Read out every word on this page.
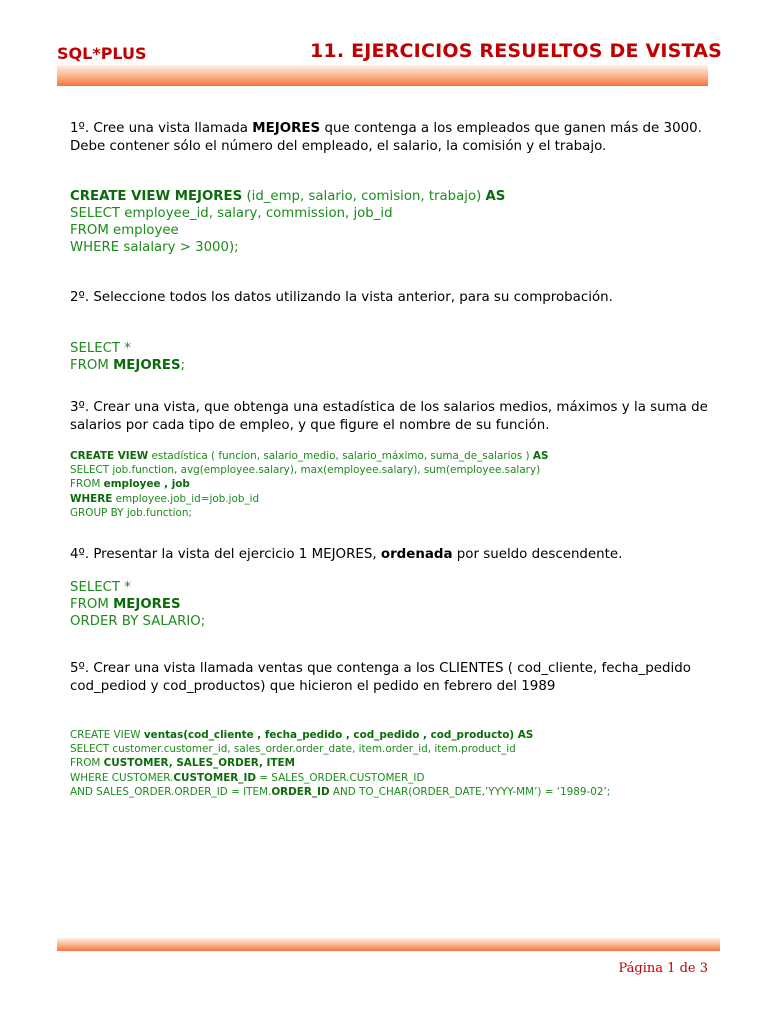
SQL*PLUS	11. EJERCICIOS RESUELTOS DE VISTAS

1º. Cree una vista llamada MEJORES que contenga a los empleados que ganen más de 3000. Debe contener sólo el número del empleado, el salario, la comisión y el trabajo.

CREATE VIEW MEJORES (id_emp, salario, comision, trabajo) AS
SELECT employee_id, salary, commission, job_id
FROM employee
WHERE salalary > 3000);

2º. Seleccione todos los datos utilizando la vista anterior, para su comprobación.

SELECT *
FROM MEJORES;

3º. Crear una vista, que obtenga una estadística de los salarios medios, máximos y la suma de salarios por cada tipo de empleo, y que figure el nombre de su función.

CREATE VIEW estadística ( funcion, salario_medio, salario_máximo, suma_de_salarios ) AS
SELECT job.function, avg(employee.salary), max(employee.salary), sum(employee.salary)
FROM employee , job
WHERE employee.job_id=job.job_id
GROUP BY job.function;

4º. Presentar la vista del ejercicio 1 MEJORES, ordenada por sueldo descendente.

SELECT *
FROM MEJORES
ORDER BY SALARIO;

5º. Crear una vista llamada ventas que contenga a los CLIENTES ( cod_cliente, fecha_pedido cod_pediod y cod_productos) que hicieron el pedido en febrero del 1989

CREATE VIEW ventas(cod_cliente , fecha_pedido , cod_pedido , cod_producto) AS
SELECT customer.customer_id, sales_order.order_date, item.order_id, item.product_id
FROM CUSTOMER, SALES_ORDER, ITEM
WHERE CUSTOMER.CUSTOMER_ID = SALES_ORDER.CUSTOMER_ID
AND SALES_ORDER.ORDER_ID = ITEM.ORDER_ID AND TO_CHAR(ORDER_DATE,’YYYY-MM’) = ‘1989-02’;
Página 1 de 3
